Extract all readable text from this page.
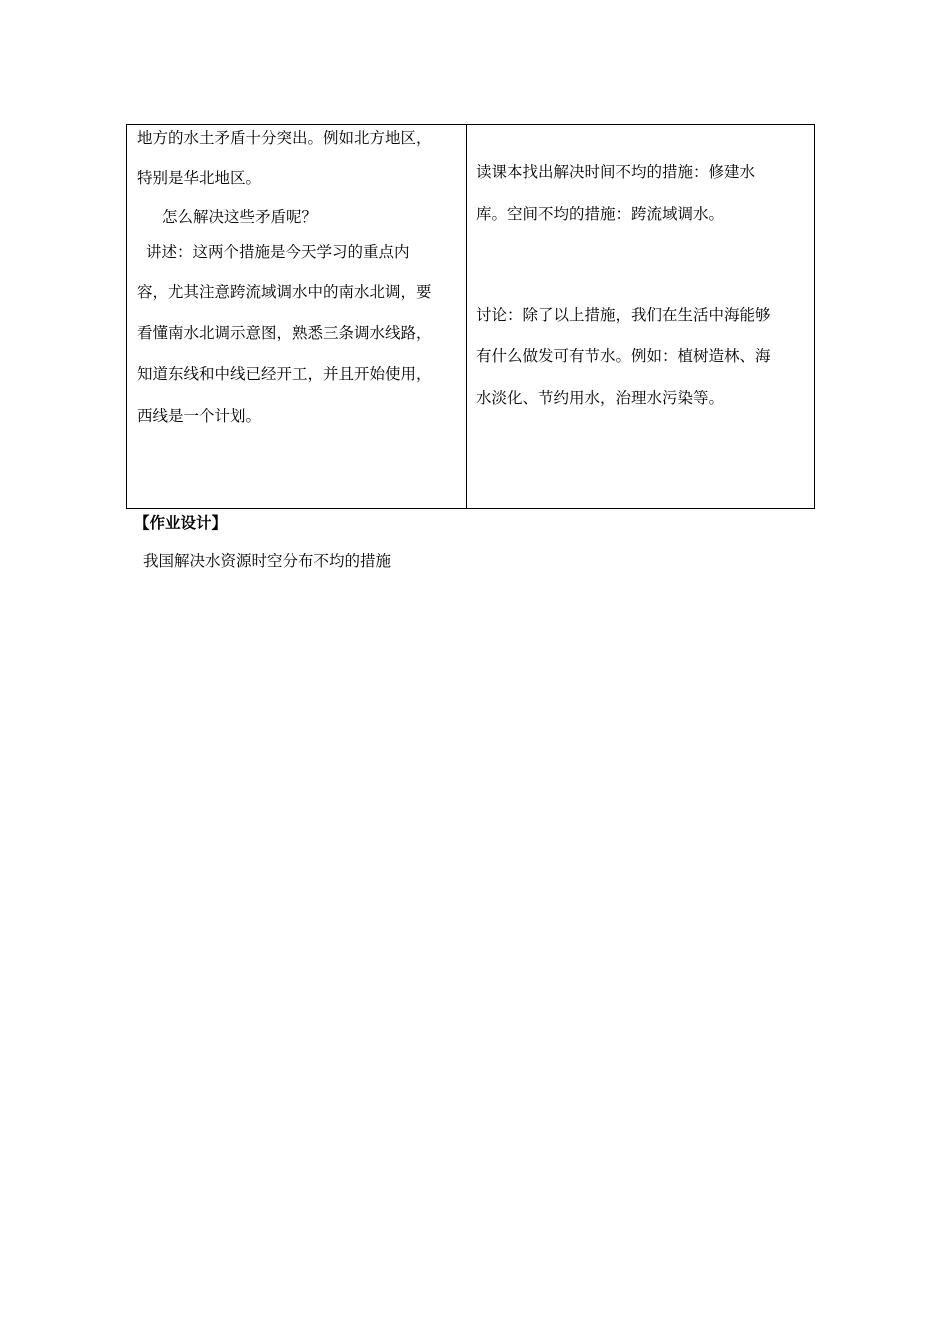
地方的水土矛盾十分突出。例如北方地区，
特别是华北地区。
怎么解决这些矛盾呢？
讲述：这两个措施是今天学习的重点内
容，尤其注意跨流域调水中的南水北调，要
看懂南水北调示意图，熟悉三条调水线路，
知道东线和中线已经开工，并且开始使用，
西线是一个计划。
读课本找出解决时间不均的措施：修建水
库。空间不均的措施：跨流域调水。
讨论：除了以上措施，我们在生活中海能够
有什么做发可有节水。例如：植树造林、海
水淡化、节约用水，治理水污染等。
【作业设计】
我国解决水资源时空分布不均的措施
